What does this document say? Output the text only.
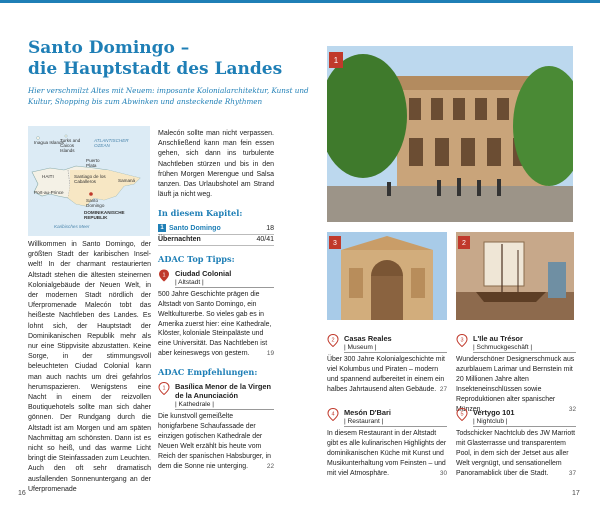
Santo Domingo –
die Hauptstadt des Landes
Hier verschmilzt Altes mit Neuem: imposante Kolonialarchitektur, Kunst und Kultur, Shopping bis zum Abwinken und ansteckende Rhythmen
Inagua Islands
Turks and Caicos Islands
ATLANTISCHER OZEAN
Puerto Plata
HAITI	Santiago de los Caballeros	Samaná
Port-au-Prince
Santo Domingo
DOMINIKANISCHE REPUBLIK
Karibisches Meer
Willkommen in Santo Domingo, der größten Stadt der karibischen Insel-welt! In der charmant restaurierten Altstadt stehen die ältesten steinernen Kolonialgebäude der Neuen Welt, in der modernen Stadt nördlich der Uferpromenade Malecón tobt das heißeste Nachtleben des Landes. Es lohnt sich, der Hauptstadt der Dominikanischen Republik mehr als nur eine Stippvisite abzustatten. Keine Sorge, in der stimmungsvoll beleuchteten Ciudad Colonial kann man auch nachts um drei gefahrlos herumspazieren. Wenigstens eine Nacht in einem der reizvollen Boutiquehotels sollte man sich daher gönnen. Der Rundgang durch die Altstadt ist am Morgen und am späten Nachmittag am schönsten. Dann ist es nicht so heiß, und das warme Licht bringt die Steinfassaden zum Leuchten. Auch den oft sehr dramatisch ausfallenden Sonnenuntergang an der Uferpromenade

Malecón sollte man nicht verpassen. Anschließend kann man fein essen gehen, sich dann ins turbulente Nachtleben stürzen und bis in den frühen Morgen Merengue und Salsa tanzen. Das Urlaubshotel am Strand läuft ja nicht weg.

In diesem Kapitel:
1 Santo Domingo	18
Übernachten	40/41
ADAC Top Tipps:
1 Ciudad Colonial
| Altstadt |
500 Jahre Geschichte prägen die Altstadt von Santo Domingo, ein Weltkulturerbe. So vieles gab es in Amerika zuerst hier: eine Kathedrale, Klöster, koloniale Steinpaläste und eine Universität. Das Nachtleben ist aber keineswegs von gestern.	19
ADAC Empfehlungen:
1 Basílica Menor de la Virgen de la Anunciación
| Kathedrale |
Die kunstvoll gemeißelte honigfarbene Schaufassade der einzigen gotischen Kathedrale der Neuen Welt erzählt bis heute vom Reich der spanischen Habsburger, in dem die Sonne nie unterging.	22
1
3	2
2 Casas Reales
| Museum |
Über 300 Jahre Kolonialgeschichte mit viel Kolumbus und Piraten – modern und spannend aufbereitet in einem ein halbes Jahrtausend alten Gebäude. 27
3 L'Ile au Trésor
| Schmuckgeschäft |
Wunderschöner Designerschmuck aus azurblauem Larimar und Bernstein mit 20 Millionen Jahre alten Insekteneinschlüssen sowie Reproduktionen alter spanischer Münzen.	32
4 Mesón D'Bari
| Restaurant |
In diesem Restaurant in der Altstadt gibt es alle kulinarischen Highlights der dominikanischen Küche mit Kunst und Musikunterhaltung vom Feinsten – und mit viel Atmosphäre.	30
5 Vertygo 101
| Nightclub |
Todschicker Nachtclub des JW Marriott mit Glasterrasse und transparentem Pool, in dem sich der Jetset aus aller Welt vergnügt, und sensationellem Panoramablick über die Stadt.	37
16	17
